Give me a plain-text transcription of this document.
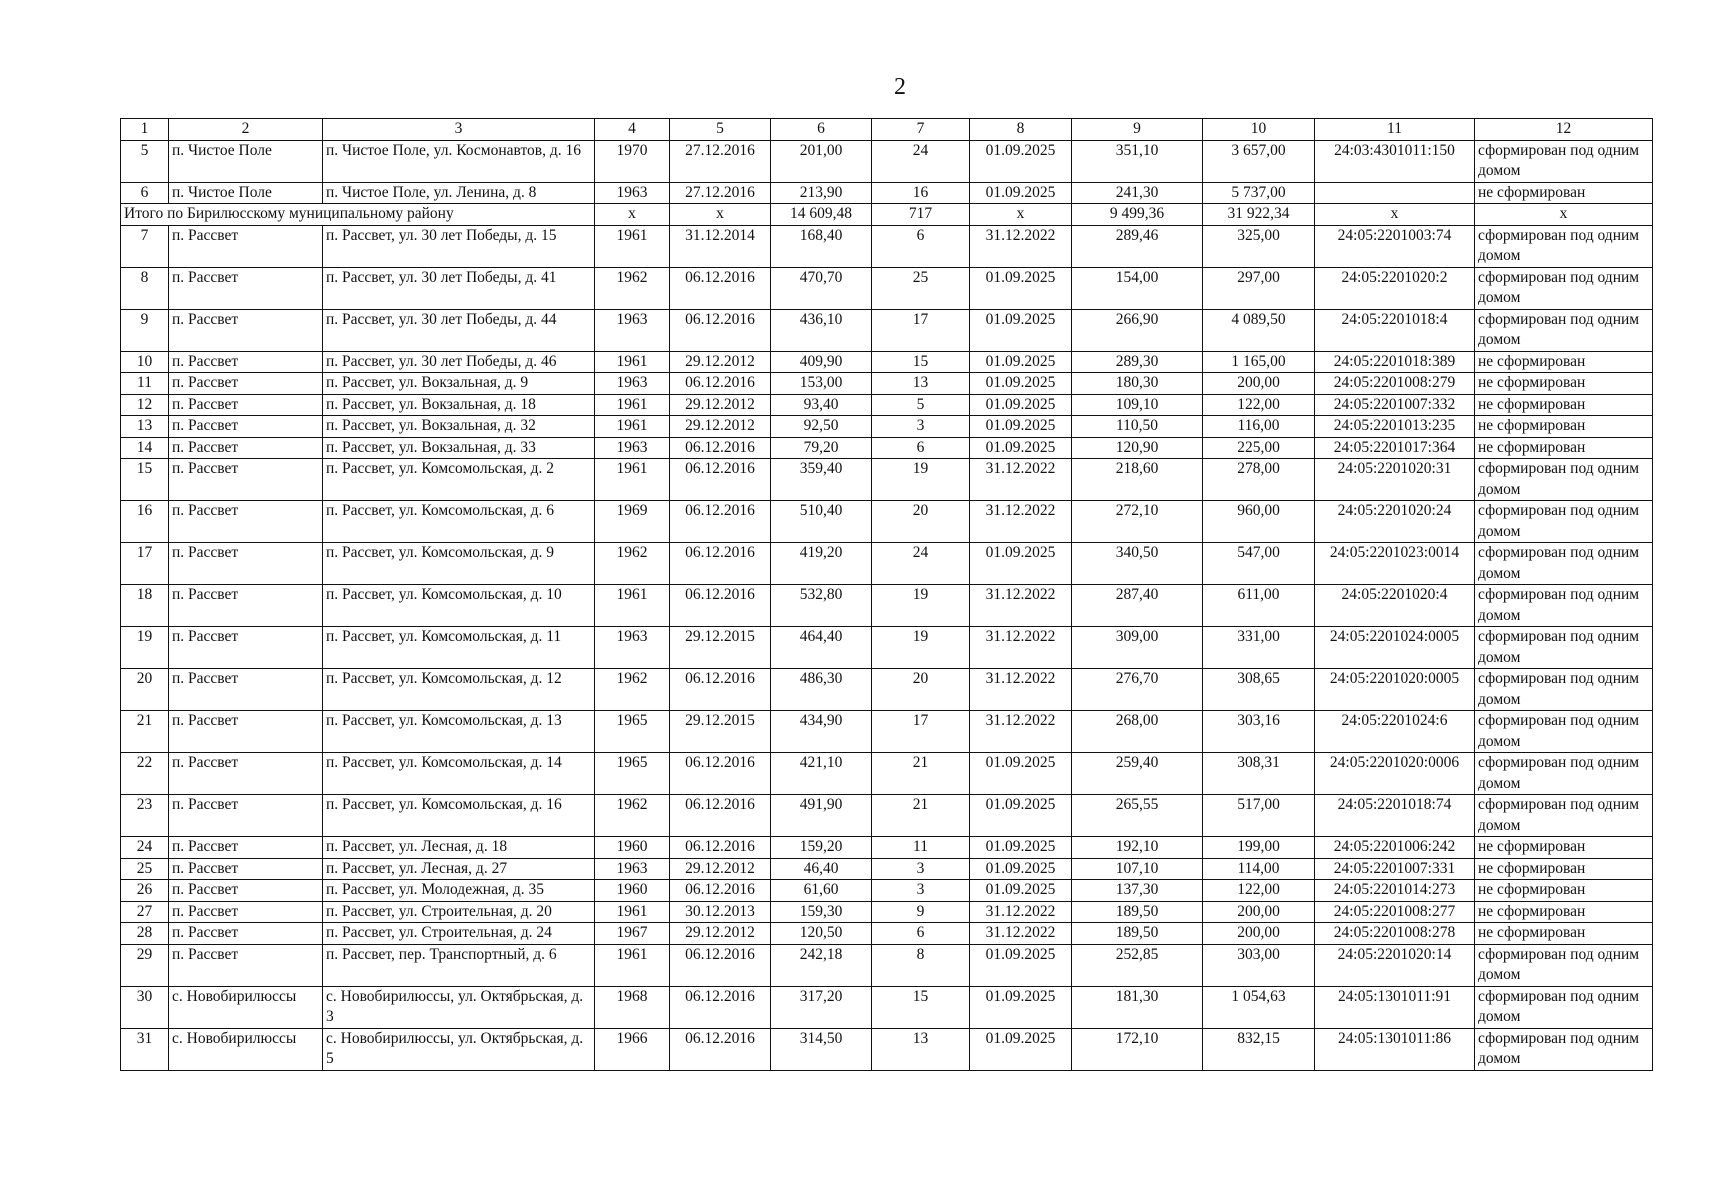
2
1	2	3	4	5	6	7	8	9	10	11	12
5	п. Чистое Поле	п. Чистое Поле, ул. Космонавтов, д. 16	1970	27.12.2016	201,00	24	01.09.2025	351,10	3 657,00	24:03:4301011:150	сформирован под одним домом
6	п. Чистое Поле	п. Чистое Поле, ул. Ленина, д. 8	1963	27.12.2016	213,90	16	01.09.2025	241,30	5 737,00		не сформирован
Итого по Бирилюсскому муниципальному району			х	х	14 609,48	717	х	9 499,36	31 922,34	х	х
7	п. Рассвет	п. Рассвет, ул. 30 лет Победы, д. 15	1961	31.12.2014	168,40	6	31.12.2022	289,46	325,00	24:05:2201003:74	сформирован под одним домом
8	п. Рассвет	п. Рассвет, ул. 30 лет Победы, д. 41	1962	06.12.2016	470,70	25	01.09.2025	154,00	297,00	24:05:2201020:2	сформирован под одним домом
9	п. Рассвет	п. Рассвет, ул. 30 лет Победы, д. 44	1963	06.12.2016	436,10	17	01.09.2025	266,90	4 089,50	24:05:2201018:4	сформирован под одним домом
10	п. Рассвет	п. Рассвет, ул. 30 лет Победы, д. 46	1961	29.12.2012	409,90	15	01.09.2025	289,30	1 165,00	24:05:2201018:389	не сформирован
11	п. Рассвет	п. Рассвет, ул. Вокзальная, д. 9	1963	06.12.2016	153,00	13	01.09.2025	180,30	200,00	24:05:2201008:279	не сформирован
12	п. Рассвет	п. Рассвет, ул. Вокзальная, д. 18	1961	29.12.2012	93,40	5	01.09.2025	109,10	122,00	24:05:2201007:332	не сформирован
13	п. Рассвет	п. Рассвет, ул. Вокзальная, д. 32	1961	29.12.2012	92,50	3	01.09.2025	110,50	116,00	24:05:2201013:235	не сформирован
14	п. Рассвет	п. Рассвет, ул. Вокзальная, д. 33	1963	06.12.2016	79,20	6	01.09.2025	120,90	225,00	24:05:2201017:364	не сформирован
15	п. Рассвет	п. Рассвет, ул. Комсомольская, д. 2	1961	06.12.2016	359,40	19	31.12.2022	218,60	278,00	24:05:2201020:31	сформирован под одним домом
16	п. Рассвет	п. Рассвет, ул. Комсомольская, д. 6	1969	06.12.2016	510,40	20	31.12.2022	272,10	960,00	24:05:2201020:24	сформирован под одним домом
17	п. Рассвет	п. Рассвет, ул. Комсомольская, д. 9	1962	06.12.2016	419,20	24	01.09.2025	340,50	547,00	24:05:2201023:0014	сформирован под одним домом
18	п. Рассвет	п. Рассвет, ул. Комсомольская, д. 10	1961	06.12.2016	532,80	19	31.12.2022	287,40	611,00	24:05:2201020:4	сформирован под одним домом
19	п. Рассвет	п. Рассвет, ул. Комсомольская, д. 11	1963	29.12.2015	464,40	19	31.12.2022	309,00	331,00	24:05:2201024:0005	сформирован под одним домом
20	п. Рассвет	п. Рассвет, ул. Комсомольская, д. 12	1962	06.12.2016	486,30	20	31.12.2022	276,70	308,65	24:05:2201020:0005	сформирован под одним домом
21	п. Рассвет	п. Рассвет, ул. Комсомольская, д. 13	1965	29.12.2015	434,90	17	31.12.2022	268,00	303,16	24:05:2201024:6	сформирован под одним домом
22	п. Рассвет	п. Рассвет, ул. Комсомольская, д. 14	1965	06.12.2016	421,10	21	01.09.2025	259,40	308,31	24:05:2201020:0006	сформирован под одним домом
23	п. Рассвет	п. Рассвет, ул. Комсомольская, д. 16	1962	06.12.2016	491,90	21	01.09.2025	265,55	517,00	24:05:2201018:74	сформирован под одним домом
24	п. Рассвет	п. Рассвет, ул. Лесная, д. 18	1960	06.12.2016	159,20	11	01.09.2025	192,10	199,00	24:05:2201006:242	не сформирован
25	п. Рассвет	п. Рассвет, ул. Лесная, д. 27	1963	29.12.2012	46,40	3	01.09.2025	107,10	114,00	24:05:2201007:331	не сформирован
26	п. Рассвет	п. Рассвет, ул. Молодежная, д. 35	1960	06.12.2016	61,60	3	01.09.2025	137,30	122,00	24:05:2201014:273	не сформирован
27	п. Рассвет	п. Рассвет, ул. Строительная, д. 20	1961	30.12.2013	159,30	9	31.12.2022	189,50	200,00	24:05:2201008:277	не сформирован
28	п. Рассвет	п. Рассвет, ул. Строительная, д. 24	1967	29.12.2012	120,50	6	31.12.2022	189,50	200,00	24:05:2201008:278	не сформирован
29	п. Рассвет	п. Рассвет, пер. Транспортный, д. 6	1961	06.12.2016	242,18	8	01.09.2025	252,85	303,00	24:05:2201020:14	сформирован под одним домом
30	с. Новобирилюссы	с. Новобирилюссы, ул. Октябрьская, д. 3	1968	06.12.2016	317,20	15	01.09.2025	181,30	1 054,63	24:05:1301011:91	сформирован под одним домом
31	с. Новобирилюссы	с. Новобирилюссы, ул. Октябрьская, д. 5	1966	06.12.2016	314,50	13	01.09.2025	172,10	832,15	24:05:1301011:86	сформирован под одним домом
